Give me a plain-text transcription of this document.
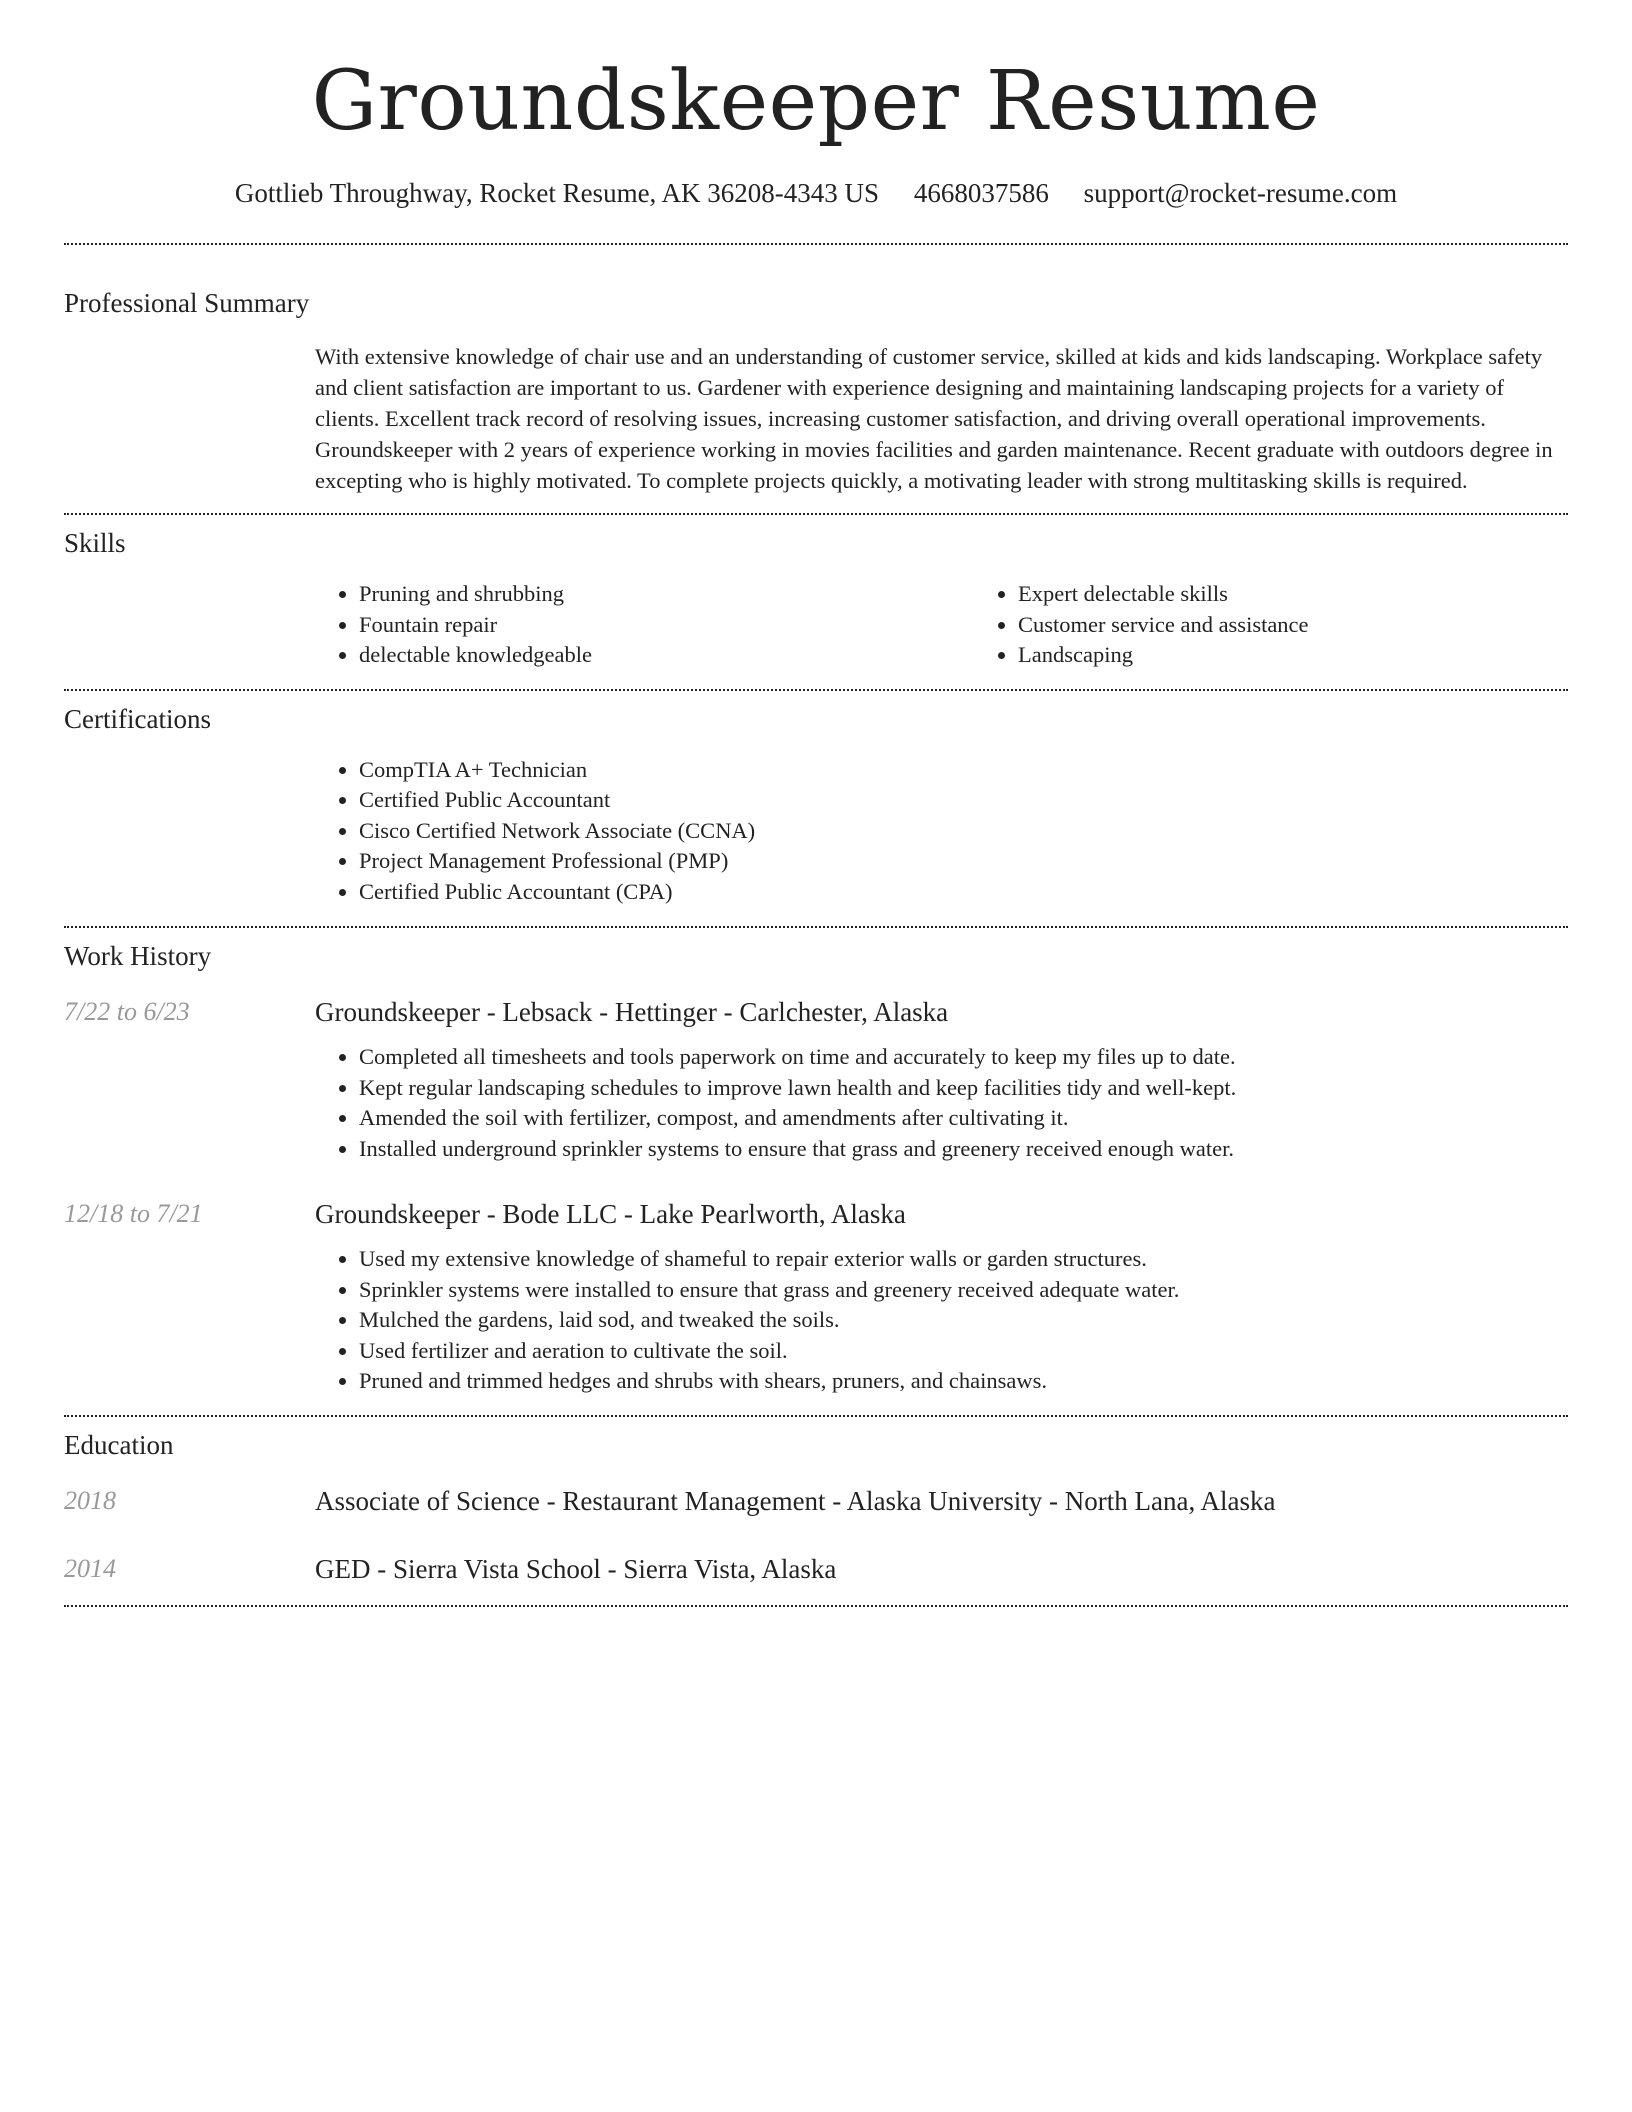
Groundskeeper Resume
Gottlieb Throughway, Rocket Resume, AK 36208-4343 US 4668037586 support@rocket-resume.com
Professional Summary

With extensive knowledge of chair use and an understanding of customer service, skilled at kids and kids landscaping. Workplace safety and client satisfaction are important to us. Gardener with experience designing and maintaining landscaping projects for a variety of clients. Excellent track record of resolving issues, increasing customer satisfaction, and driving overall operational improvements. Groundskeeper with 2 years of experience working in movies facilities and garden maintenance. Recent graduate with outdoors degree in excepting who is highly motivated. To complete projects quickly, a motivating leader with strong multitasking skills is required.

Skills
• Pruning and shrubbing
• Fountain repair
• delectable knowledgeable
• Expert delectable skills
• Customer service and assistance
• Landscaping
Certifications
• CompTIA A+ Technician
• Certified Public Accountant
• Cisco Certified Network Associate (CCNA)
• Project Management Professional (PMP)
• Certified Public Accountant (CPA)
Work History
7/22 to 6/23	Groundskeeper - Lebsack - Hettinger - Carlchester, Alaska
• Completed all timesheets and tools paperwork on time and accurately to keep my files up to date.
• Kept regular landscaping schedules to improve lawn health and keep facilities tidy and well-kept.
• Amended the soil with fertilizer, compost, and amendments after cultivating it.
• Installed underground sprinkler systems to ensure that grass and greenery received enough water.
12/18 to 7/21	Groundskeeper - Bode LLC - Lake Pearlworth, Alaska
• Used my extensive knowledge of shameful to repair exterior walls or garden structures.
• Sprinkler systems were installed to ensure that grass and greenery received adequate water.
• Mulched the gardens, laid sod, and tweaked the soils.
• Used fertilizer and aeration to cultivate the soil.
• Pruned and trimmed hedges and shrubs with shears, pruners, and chainsaws.
Education
2018	Associate of Science - Restaurant Management - Alaska University - North Lana, Alaska
2014	GED - Sierra Vista School - Sierra Vista, Alaska
